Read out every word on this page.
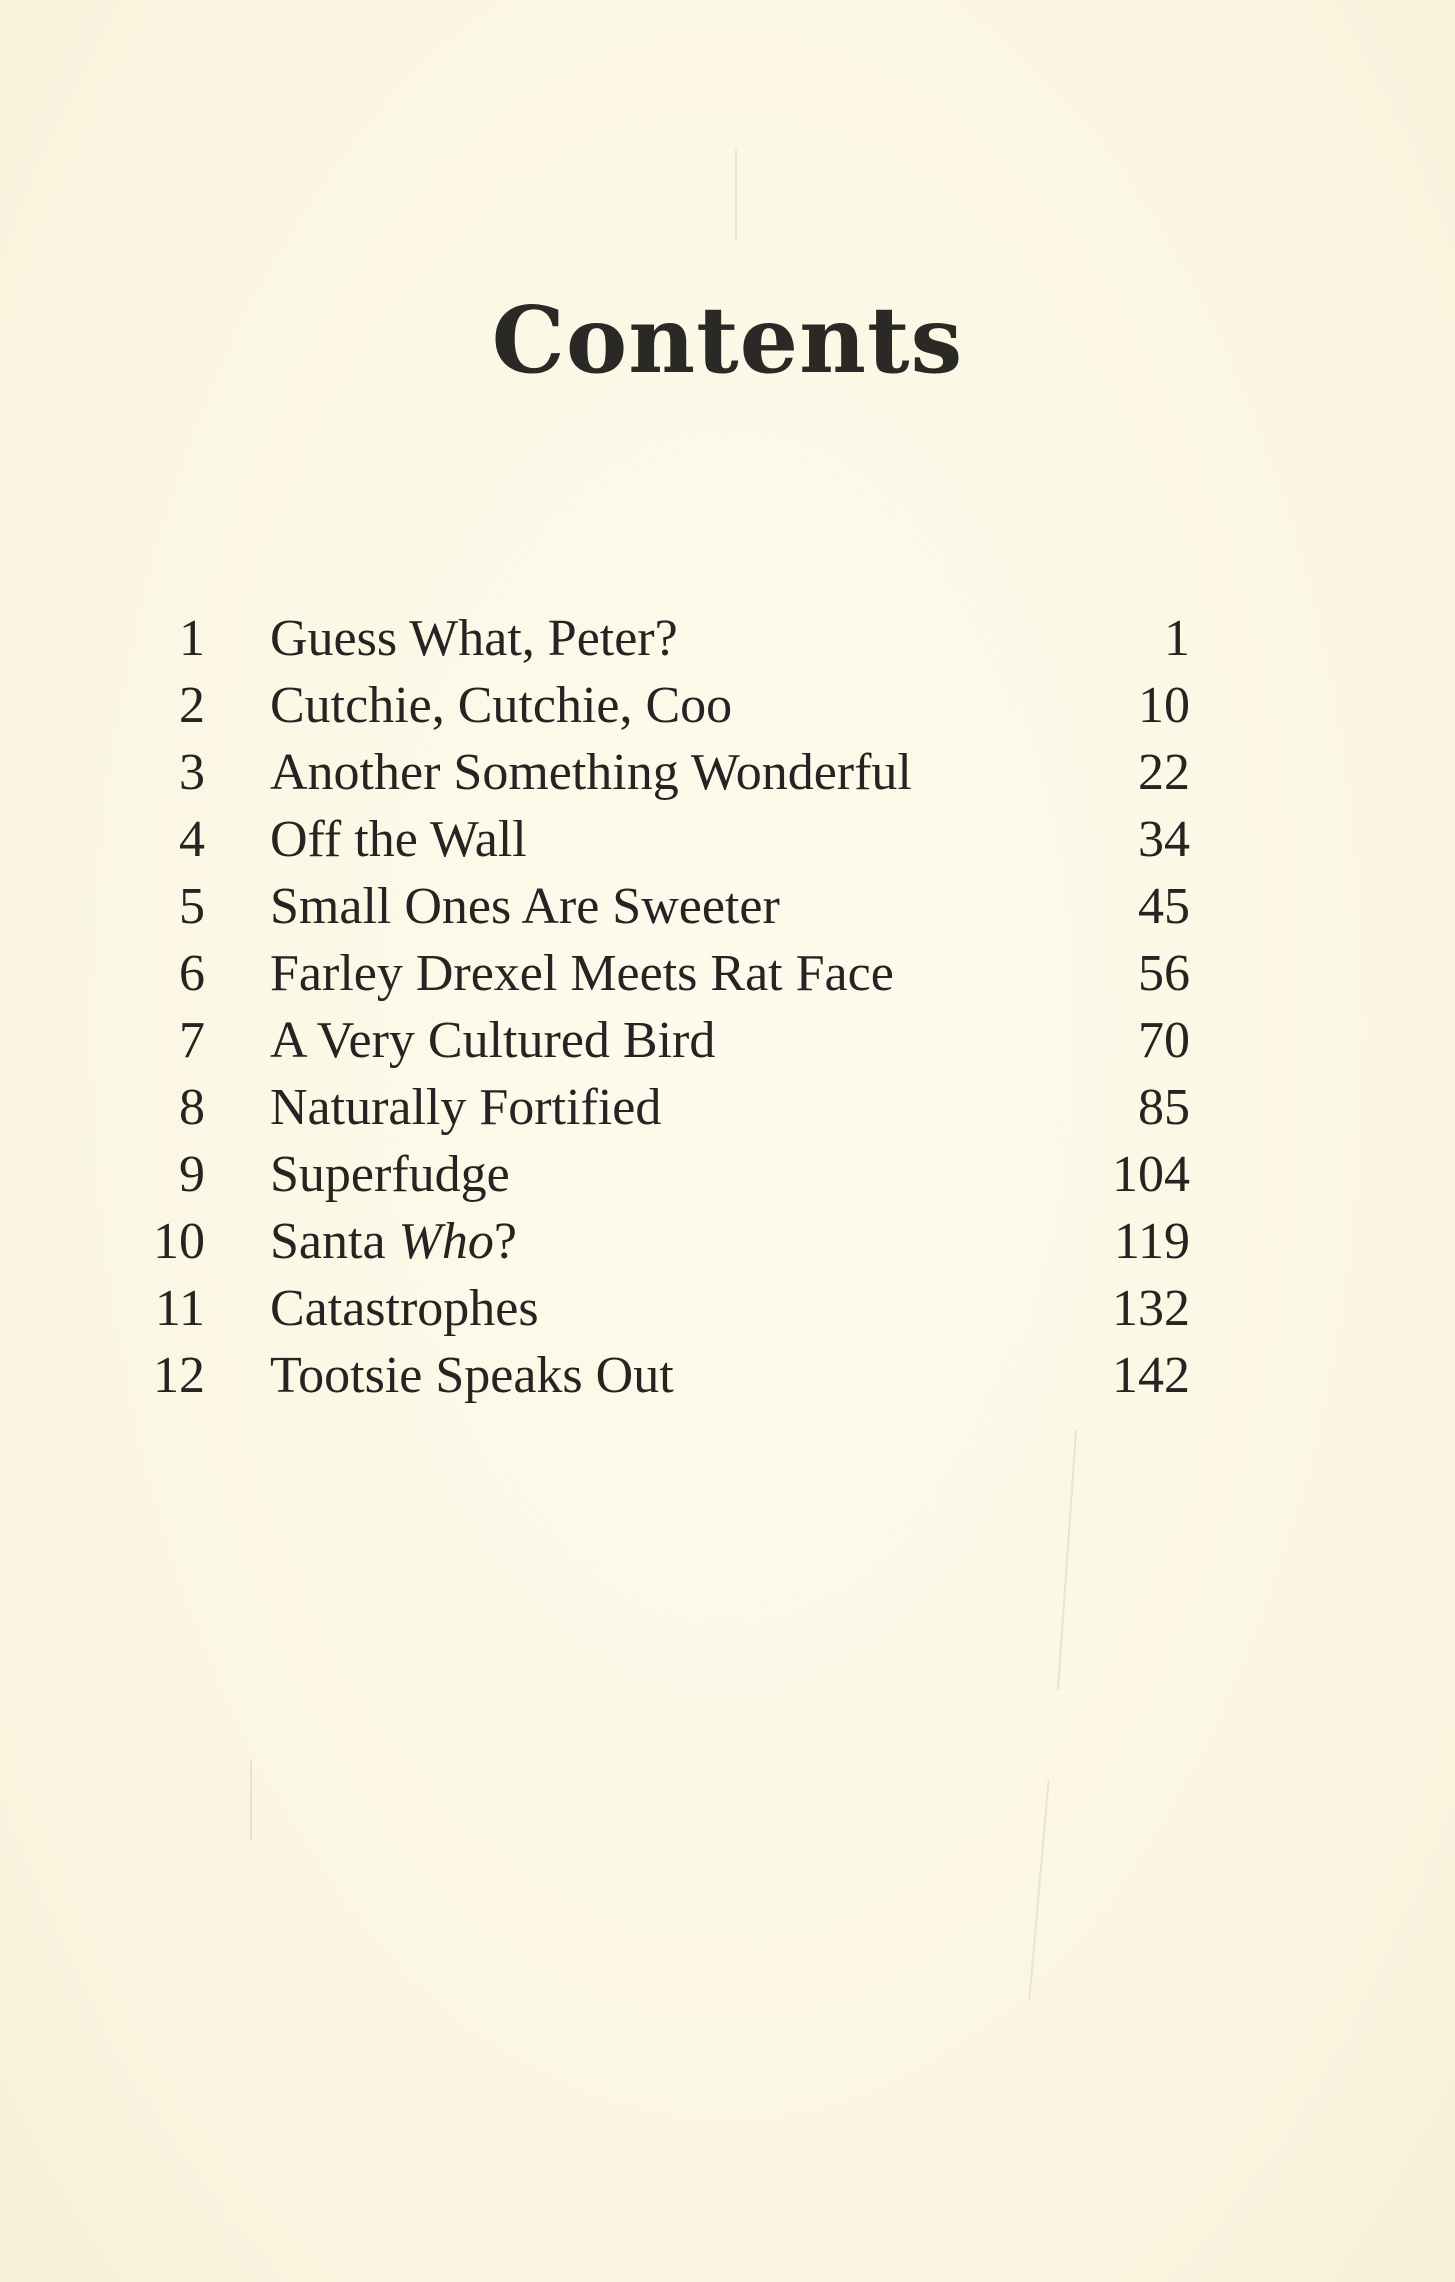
Contents
1 Guess What, Peter?	1
2 Cutchie, Cutchie, Coo	10
3 Another Something Wonderful	22
4 Off the Wall	34
5 Small Ones Are Sweeter	45
6 Farley Drexel Meets Rat Face	56
7 A Very Cultured Bird	70
8 Naturally Fortified	85
9 Superfudge	104
10 Santa Who?	119
11 Catastrophes	132
12 Tootsie Speaks Out	142
